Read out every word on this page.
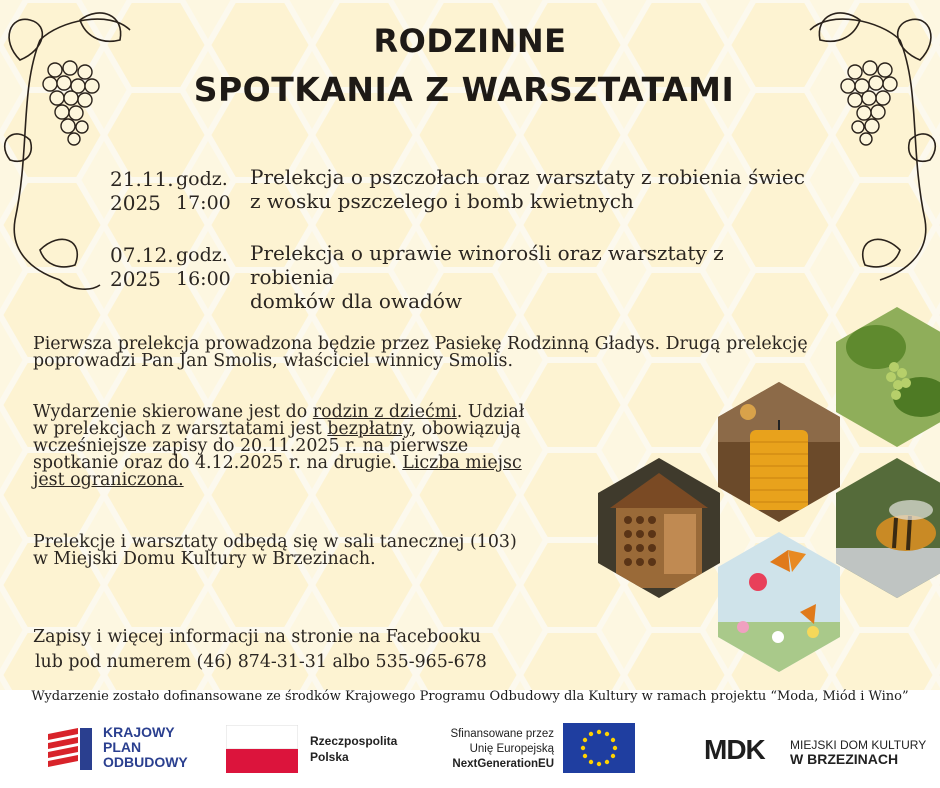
RODZINNE
SPOTKANIA Z WARSZTATAMI
21.11.
2025
godz.
17:00
Prelekcja o pszczołach oraz warsztaty z robienia świec
z wosku pszczelego i bomb kwietnych
07.12.
2025
godz.
16:00
Prelekcja o uprawie winorośli oraz warsztaty z robienia
domków dla owadów
Pierwsza prelekcja prowadzona będzie przez Pasiekę Rodzinną Gładys. Drugą prelekcję
poprowadzi Pan Jan Smolis, właściciel winnicy Smolis.
Wydarzenie skierowane jest do rodzin z dziećmi. Udział
w prelekcjach z warsztatami jest bezpłatny, obowiązują
wcześniejsze zapisy do 20.11.2025 r. na pierwsze
spotkanie oraz do 4.12.2025 r. na drugie. Liczba miejsc
jest ograniczona.
Prelekcje i warsztaty odbędą się w sali tanecznej (103)
w Miejski Domu Kultury w Brzezinach.
Zapisy i więcej informacji na stronie na Facebooku
lub pod numerem (46) 874-31-31 albo 535-965-678
Wydarzenie zostało dofinansowane ze środków Krajowego Programu Odbudowy dla Kultury w ramach projektu “Moda, Miód i Wino”
KRAJOWY
PLAN
ODBUDOWY
Rzeczpospolita
Polska
Sfinansowane przez
Unię Europejską
NextGenerationEU	MDK MIEJSKI DOM KULTURY
W BRZEZINACH
